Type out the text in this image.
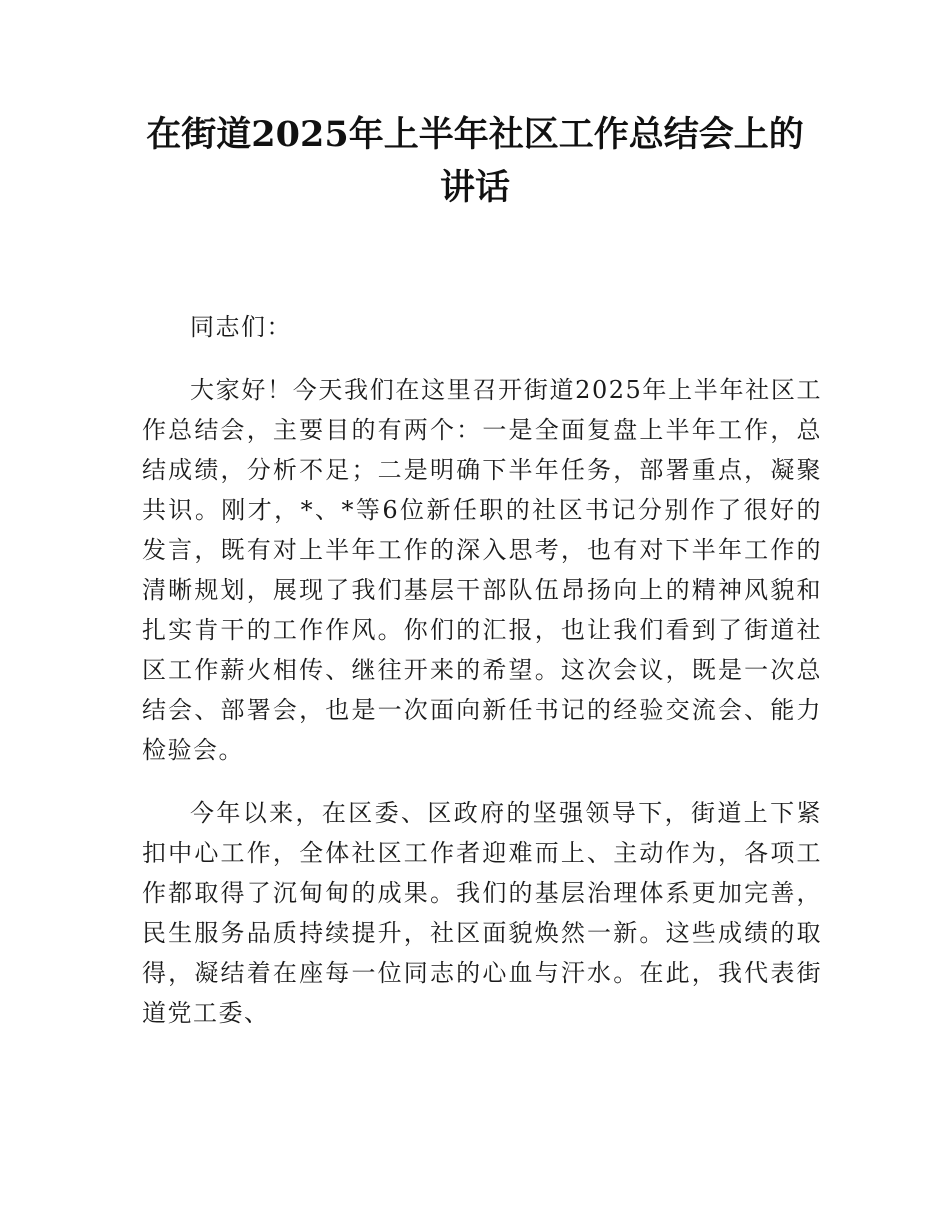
在街道2025年上半年社区工作总结会上的讲话

同志们：

大家好！今天我们在这里召开街道2025年上半年社区工作总结会，主要目的有两个：一是全面复盘上半年工作，总结成绩，分析不足；二是明确下半年任务，部署重点，凝聚共识。刚才，*、*等6位新任职的社区书记分别作了很好的发言，既有对上半年工作的深入思考，也有对下半年工作的清晰规划，展现了我们基层干部队伍昂扬向上的精神风貌和扎实肯干的工作作风。你们的汇报，也让我们看到了街道社区工作薪火相传、继往开来的希望。这次会议，既是一次总结会、部署会，也是一次面向新任书记的经验交流会、能力检验会。

今年以来，在区委、区政府的坚强领导下，街道上下紧扣中心工作，全体社区工作者迎难而上、主动作为，各项工作都取得了沉甸甸的成果。我们的基层治理体系更加完善，民生服务品质持续提升，社区面貌焕然一新。这些成绩的取得，凝结着在座每一位同志的心血与汗水。在此，我代表街道党工委、
